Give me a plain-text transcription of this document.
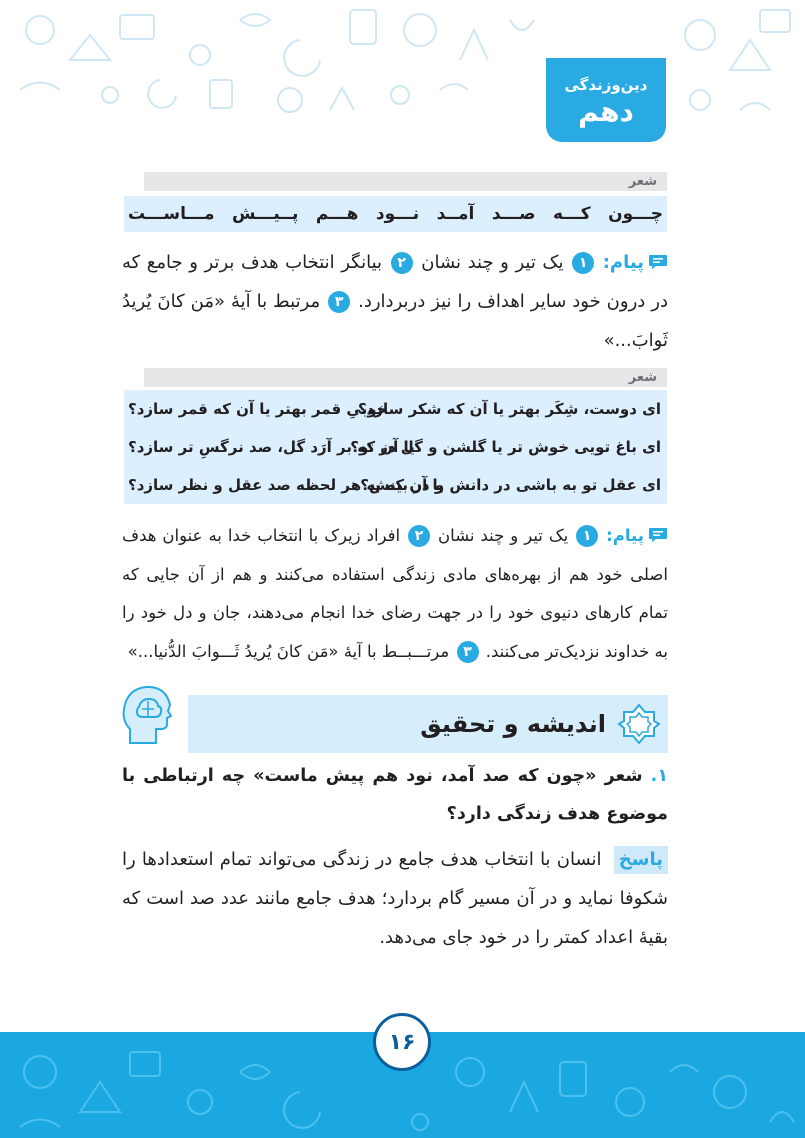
دین‌وزندگی
دهم
شعر
چـــون کـــه صـــد آمــد نـــود هـــم پــیـــش مـــاســـت
پیام: ۱ یک تیر و چند نشان ۲ بیانگر انتخاب هدف برتر و جامع که در درون خود سایر اهداف را نیز دربردارد. ۳ مرتبط با آیهٔ «مَن کانَ یُریدُ ثَوابَ...»
شعر
ای دوست، شِکَر بهتر یا آن که شکر سازد؟
خوبیِ قمر بهتر یا آن که قمر سازد؟
ای باغ تویی خوش تر یا گلشن و گل در تو؟
یا آن که بر آرَد گل، صد نرگسِ تر سازد؟
ای عقل تو به باشی در دانش و در بینش؟
یا آن که به هر لحظه صد عقل و نظر سازد؟
پیام: ۱ یک تیر و چند نشان ۲ افراد زیرک با انتخاب خدا به عنوان هدف اصلی خود هم از بهره‌های مادی زندگی استفاده می‌کنند و هم از آن جایی که تمام کارهای دنیوی خود را در جهت رضای خدا انجام می‌دهند، جان و دل خود را به خداوند نزدیک‌تر می‌کنند. ۳ مرتـــبــط با آیهٔ «مَن کانَ یُریدُ ثَـــوابَ الدُّنیا...»
اندیشه و تحقیق
۱. شعر «چون که صد آمد، نود هم پیش ماست» چه ارتباطی با موضوع هدف زندگی دارد؟
پاسخ انسان با انتخاب هدف جامع در زندگی می‌تواند تمام استعدادها را شکوفا نماید و در آن مسیر گام بردارد؛ هدف جامع مانند عدد صد است که بقیهٔ اعداد کمتر را در خود جای می‌دهد.
۱۶
